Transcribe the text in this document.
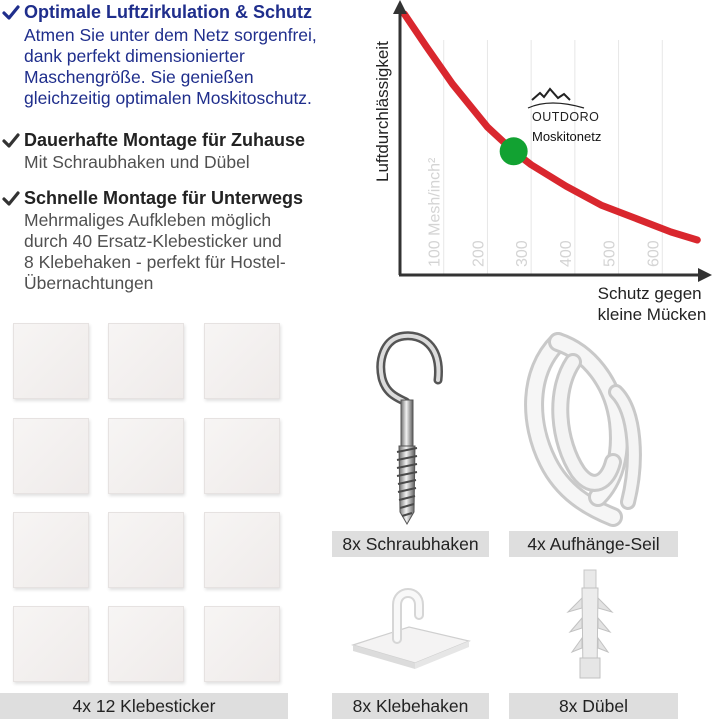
Optimale Luftzirkulation & Schutz
Atmen Sie unter dem Netz sorgenfrei,
dank perfekt dimensionierter
Maschengröße. Sie genießen
gleichzeitig optimalen Moskitoschutz.
Dauerhafte Montage für Zuhause
Mit Schraubhaken und Dübel
Schnelle Montage für Unterwegs
Mehrmaliges Aufkleben möglich
durch 40 Ersatz-Klebesticker und
8 Klebehaken - perfekt für Hostel-
Übernachtungen
100 Mesh/inch² 200 300 400 500 600
Luftdurchlässigkeit
Schutz gegen kleine Mücken
OUTDORO
Moskitonetz
4x 12 Klebesticker
8x Schraubhaken	4x Aufhänge-Seil
8x Klebehaken	8x Dübel
